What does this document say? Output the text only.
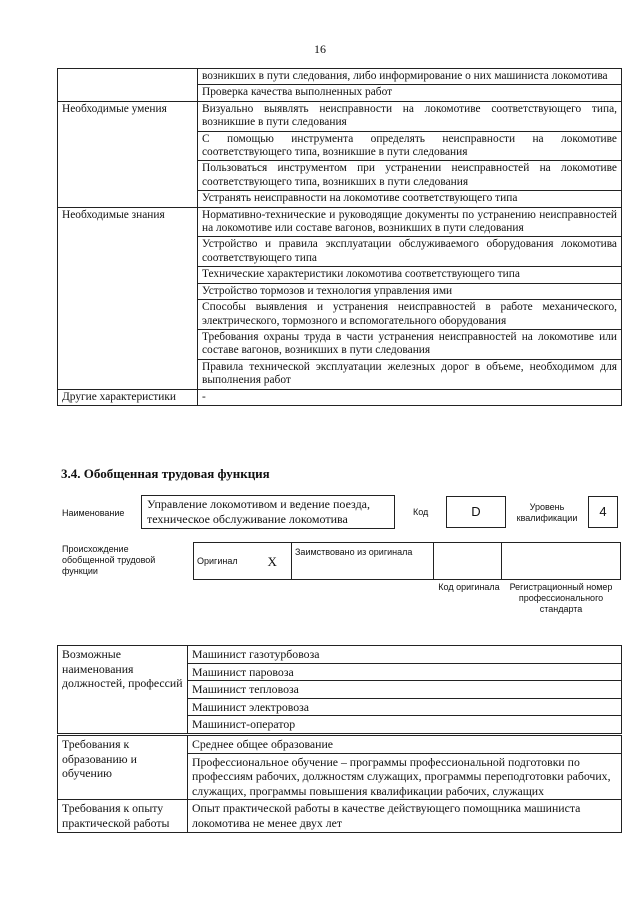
16
	возникших в пути следования, либо информирование о них машиниста локомотива
	Проверка качества выполненных работ
Необходимые умения	Визуально выявлять неисправности на локомотиве соответствующего типа, возникшие в пути следования
	С помощью инструмента определять неисправности на локомотиве соответствующего типа, возникшие в пути следования
	Пользоваться инструментом при устранении неисправностей на локомотиве соответствующего типа, возникших в пути следования
	Устранять неисправности на локомотиве соответствующего типа
Необходимые знания	Нормативно-технические и руководящие документы по устранению неисправностей на локомотиве или составе вагонов, возникших в пути следования
	Устройство и правила эксплуатации обслуживаемого оборудования локомотива соответствующего типа
	Технические характеристики локомотива соответствующего типа
	Устройство тормозов и технология управления ими
	Способы выявления и устранения неисправностей в работе механического, электрического, тормозного и вспомогательного оборудования
	Требования охраны труда в части устранения неисправностей на локомотиве или составе вагонов, возникших в пути следования
	Правила технической эксплуатации железных дорог в объеме, необходимом для выполнения работ
Другие характеристики	-
3.4. Обобщенная трудовая функция
Наименование
Управление локомотивом и ведение поезда, техническое обслуживание локомотива	Код	D	Уровень квалификации	4
Происхождение обобщенной трудовой функции
Оригинал	X	Заимствовано из оригинала		
Код оригинала Регистрационный номер профессионального стандарта
Возможные наименования должностей, профессий	Машинист газотурбовоза
Машинист паровоза
Машинист тепловоза
Машинист электровоза
Машинист-оператор
Требования к образованию и обучению	Среднее общее образование
	Профессиональное обучение – программы профессиональной подготовки по профессиям рабочих, должностям служащих, программы переподготовки рабочих, служащих, программы повышения квалификации рабочих, служащих
Требования к опыту практической работы	Опыт практической работы в качестве действующего помощника машиниста локомотива не менее двух лет
